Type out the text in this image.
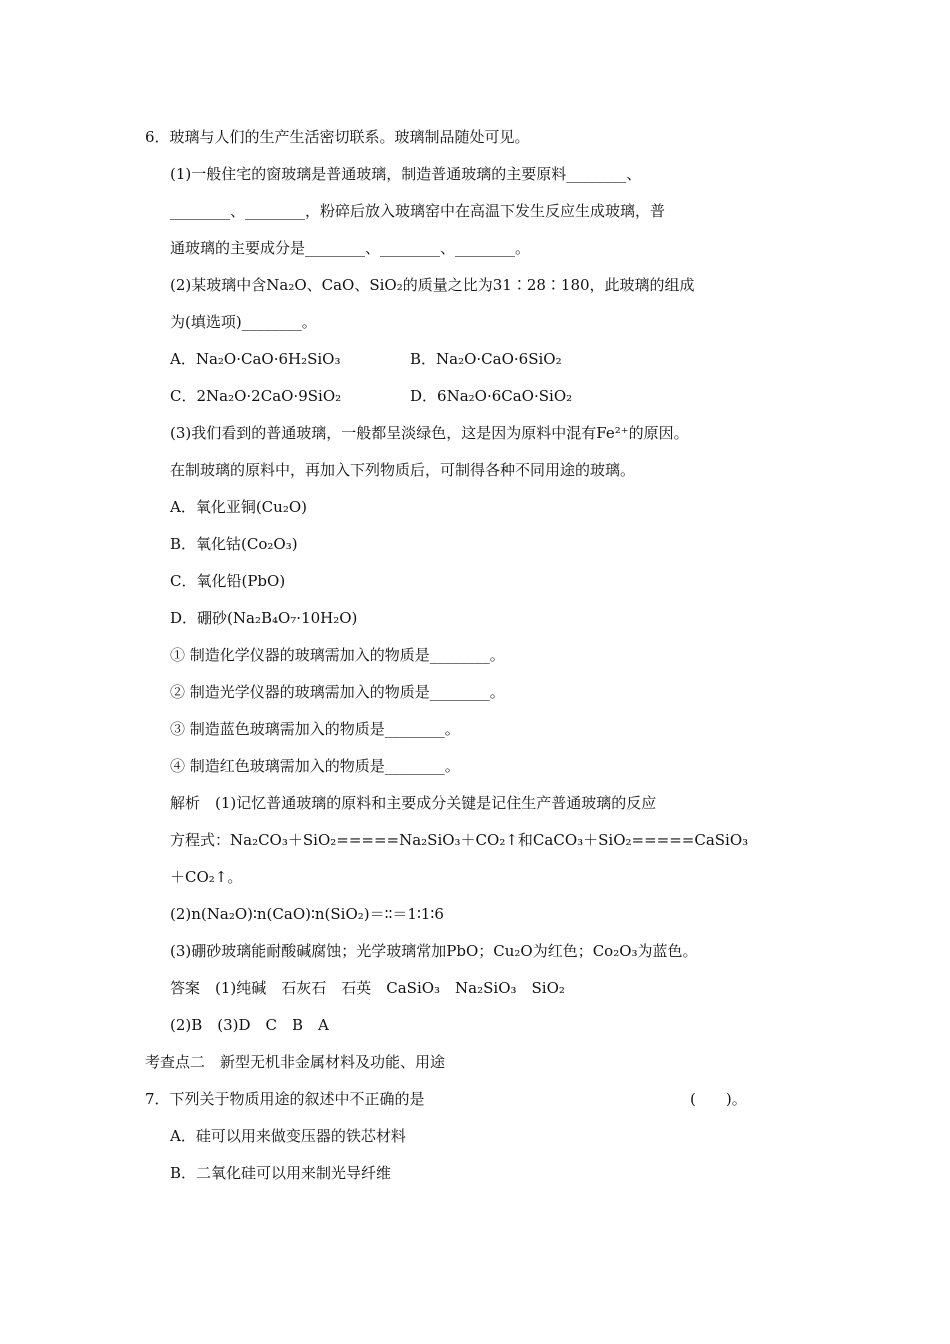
6．玻璃与人们的生产生活密切联系。玻璃制品随处可见。
(1)一般住宅的窗玻璃是普通玻璃，制造普通玻璃的主要原料________、
________、________，粉碎后放入玻璃窑中在高温下发生反应生成玻璃，普
通玻璃的主要成分是________、________、________。
(2)某玻璃中含Na₂O、CaO、SiO₂的质量之比为31∶28∶180，此玻璃的组成
为(填选项)________。
A．Na₂O·CaO·6H₂SiO₃	B．Na₂O·CaO·6SiO₂
C．2Na₂O·2CaO·9SiO₂	D．6Na₂O·6CaO·SiO₂
(3)我们看到的普通玻璃，一般都呈淡绿色，这是因为原料中混有Fe²⁺的原因。
在制玻璃的原料中，再加入下列物质后，可制得各种不同用途的玻璃。
A．氧化亚铜(Cu₂O)
B．氧化钴(Co₂O₃)
C．氧化铅(PbO)
D．硼砂(Na₂B₄O₇·10H₂O)
① 制造化学仪器的玻璃需加入的物质是________。
② 制造光学仪器的玻璃需加入的物质是________。
③ 制造蓝色玻璃需加入的物质是________。
④ 制造红色玻璃需加入的物质是________。
解析　(1)记忆普通玻璃的原料和主要成分关键是记住生产普通玻璃的反应
方程式：Na₂CO₃＋SiO₂=====Na₂SiO₃＋CO₂↑和CaCO₃＋SiO₂=====CaSiO₃
＋CO₂↑。
(2)n(Na₂O)∶n(CaO)∶n(SiO₂)＝∶∶＝1∶1∶6
(3)硼砂玻璃能耐酸碱腐蚀；光学玻璃常加PbO；Cu₂O为红色；Co₂O₃为蓝色。
答案　(1)纯碱　石灰石　石英　CaSiO₃　Na₂SiO₃　SiO₂
(2)B　(3)D　C　B　A
考查点二　新型无机非金属材料及功能、用途
7．下列关于物质用途的叙述中不正确的是	(　　)。
A．硅可以用来做变压器的铁芯材料
B．二氧化硅可以用来制光导纤维
